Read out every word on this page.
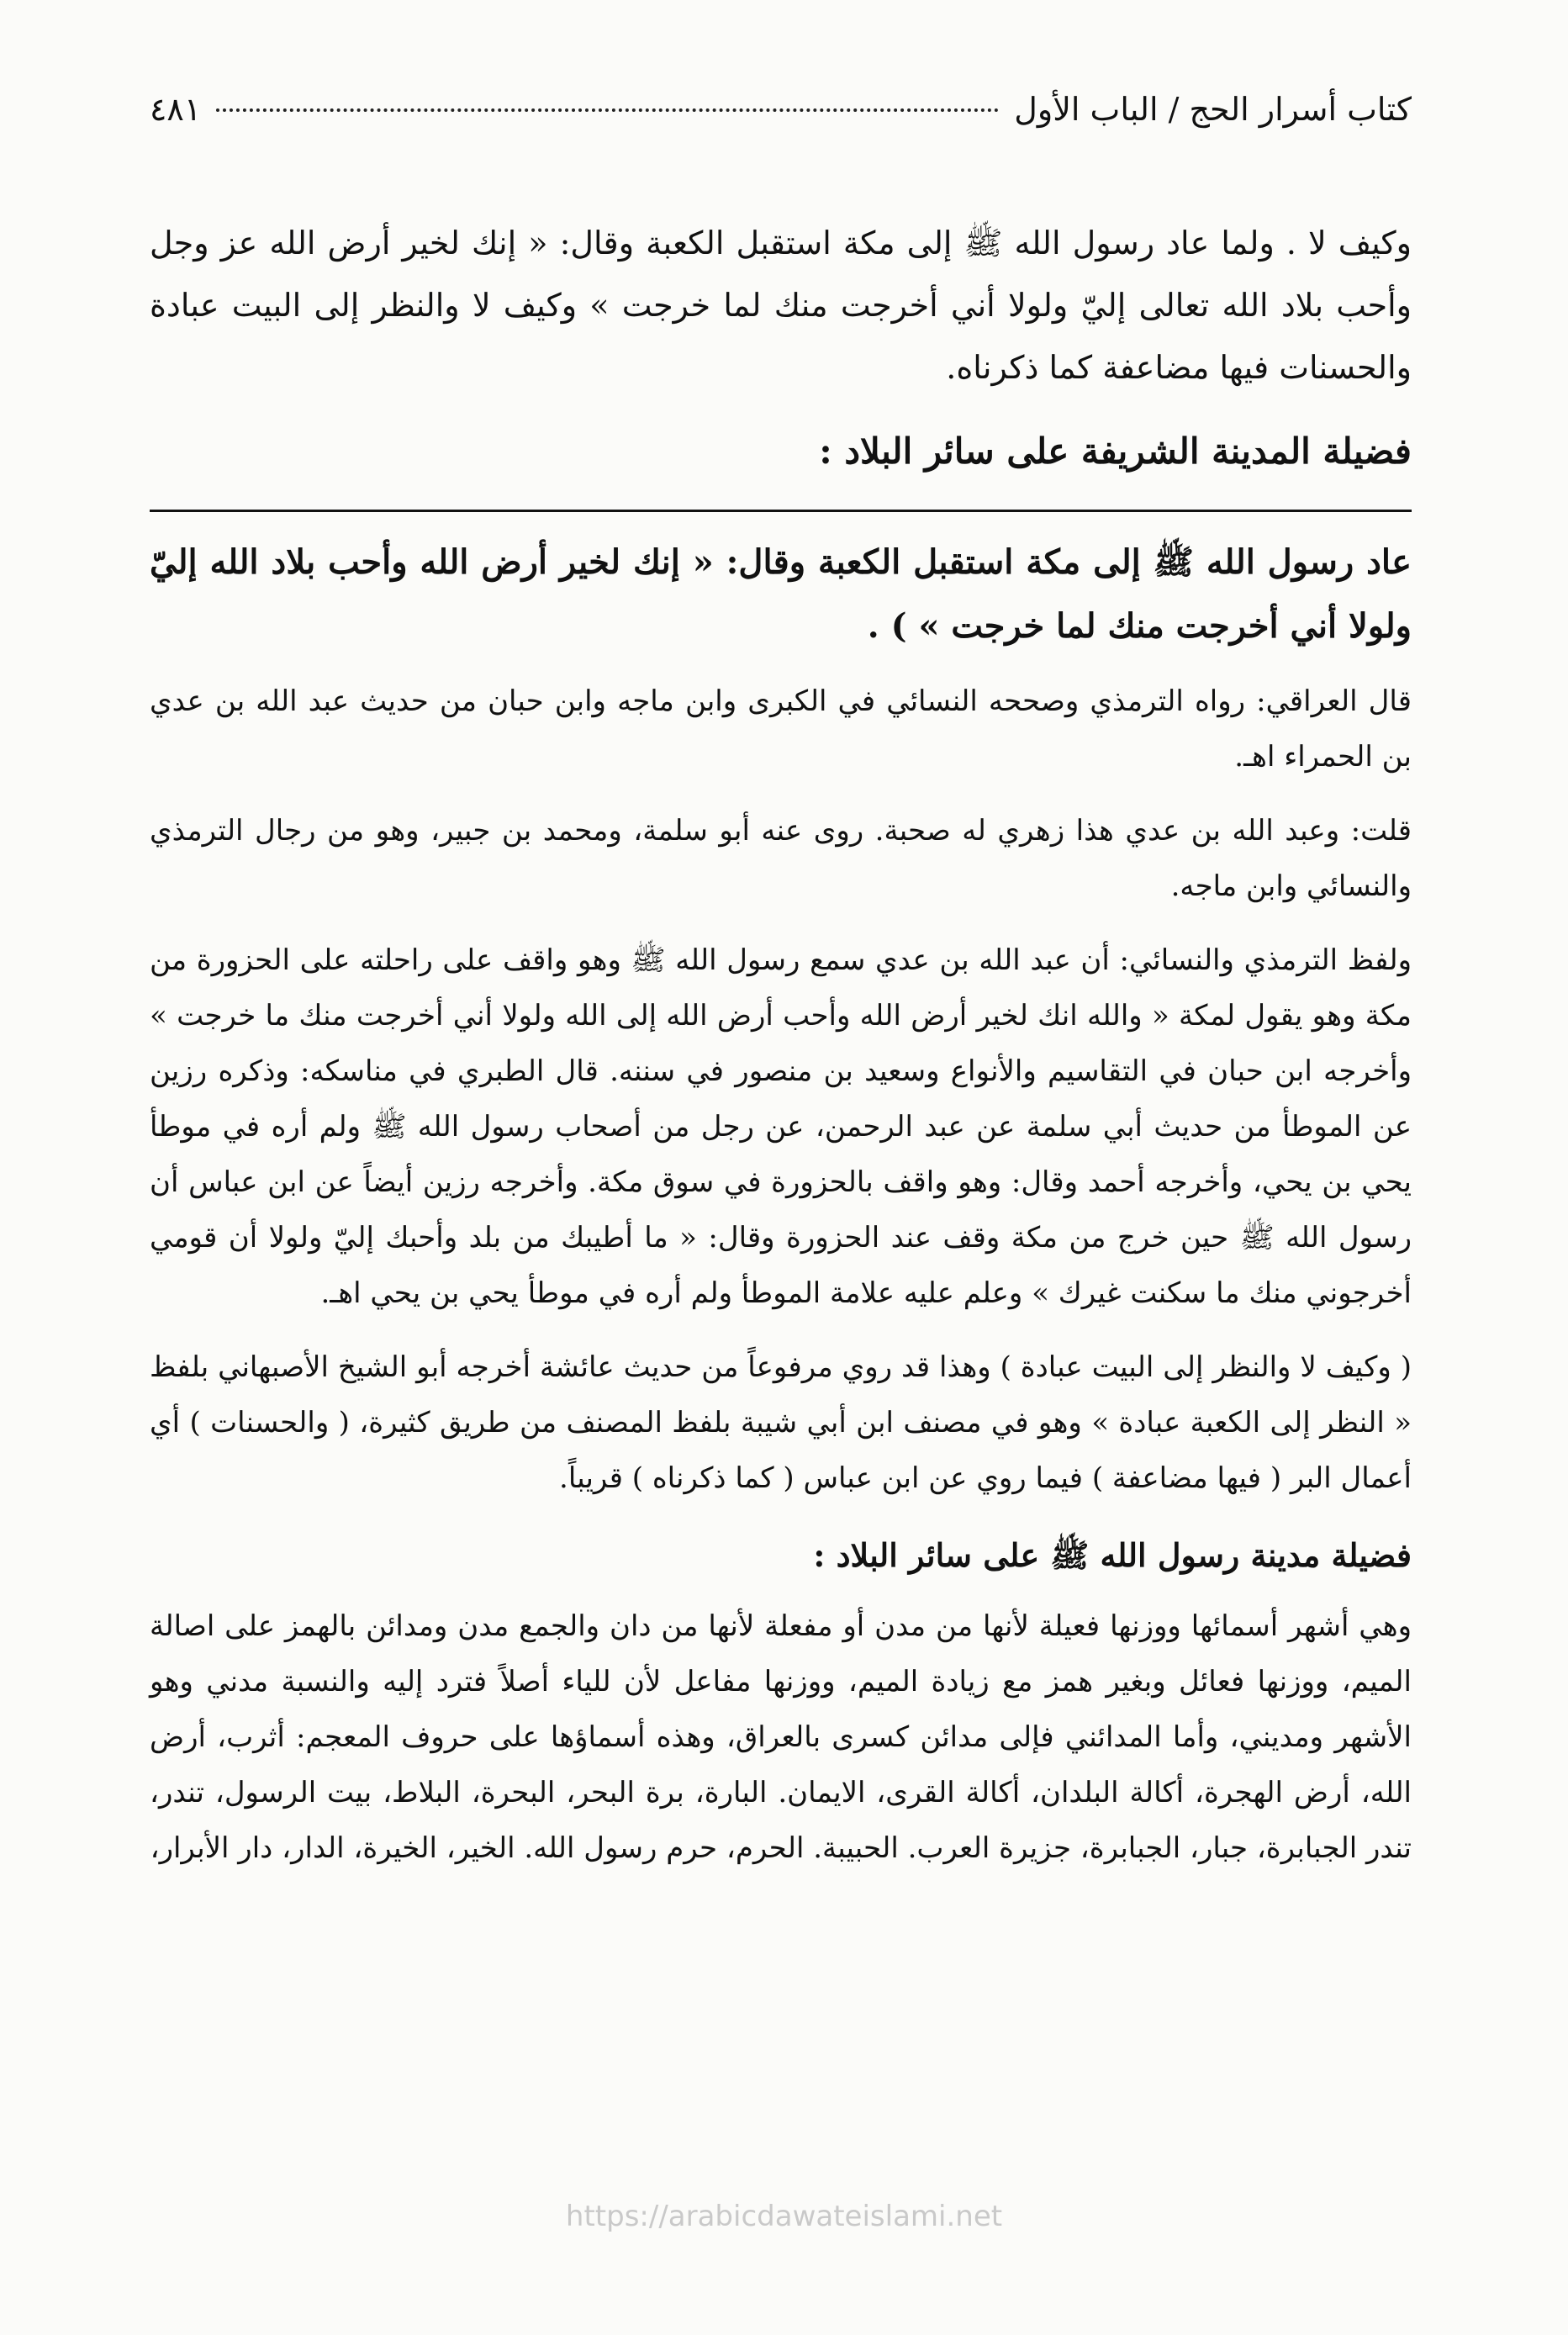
كتاب أسرار الحج / الباب الأول
٤٨١

وكيف لا . ولما عاد رسول الله ﷺ إلى مكة استقبل الكعبة وقال: « إنك لخير أرض الله عز وجل وأحب بلاد الله تعالى إليّ ولولا أني أخرجت منك لما خرجت » وكيف لا والنظر إلى البيت عبادة والحسنات فيها مضاعفة كما ذكرناه.

فضيلة المدينة الشريفة على سائر البلاد :

عاد رسول الله ﷺ إلى مكة استقبل الكعبة وقال: « إنك لخير أرض الله وأحب بلاد الله إليّ ولولا أني أخرجت منك لما خرجت » ) .

قال العراقي: رواه الترمذي وصححه النسائي في الكبرى وابن ماجه وابن حبان من حديث عبد الله بن عدي بن الحمراء اهـ.

قلت: وعبد الله بن عدي هذا زهري له صحبة. روى عنه أبو سلمة، ومحمد بن جبير، وهو من رجال الترمذي والنسائي وابن ماجه.

ولفظ الترمذي والنسائي: أن عبد الله بن عدي سمع رسول الله ﷺ وهو واقف على راحلته على الحزورة من مكة وهو يقول لمكة « والله انك لخير أرض الله وأحب أرض الله إلى الله ولولا أني أخرجت منك ما خرجت » وأخرجه ابن حبان في التقاسيم والأنواع وسعيد بن منصور في سننه. قال الطبري في مناسكه: وذكره رزين عن الموطأ من حديث أبي سلمة عن عبد الرحمن، عن رجل من أصحاب رسول الله ﷺ ولم أره في موطأ يحي بن يحي، وأخرجه أحمد وقال: وهو واقف بالحزورة في سوق مكة. وأخرجه رزين أيضاً عن ابن عباس أن رسول الله ﷺ حين خرج من مكة وقف عند الحزورة وقال: « ما أطيبك من بلد وأحبك إليّ ولولا أن قومي أخرجوني منك ما سكنت غيرك » وعلم عليه علامة الموطأ ولم أره في موطأ يحي بن يحي اهـ.

( وكيف لا والنظر إلى البيت عبادة ) وهذا قد روي مرفوعاً من حديث عائشة أخرجه أبو الشيخ الأصبهاني بلفظ « النظر إلى الكعبة عبادة » وهو في مصنف ابن أبي شيبة بلفظ المصنف من طريق كثيرة، ( والحسنات ) أي أعمال البر ( فيها مضاعفة ) فيما روي عن ابن عباس ( كما ذكرناه ) قريباً.

فضيلة مدينة رسول الله ﷺ على سائر البلاد :

وهي أشهر أسمائها ووزنها فعيلة لأنها من مدن أو مفعلة لأنها من دان والجمع مدن ومدائن بالهمز على اصالة الميم، ووزنها فعائل وبغير همز مع زيادة الميم، ووزنها مفاعل لأن للياء أصلاً فترد إليه والنسبة مدني وهو الأشهر ومديني، وأما المدائني فإلى مدائن كسرى بالعراق، وهذه أسماؤها على حروف المعجم: أثرب، أرض الله، أرض الهجرة، أكالة البلدان، أكالة القرى، الايمان. البارة، برة البحر، البحرة، البلاط، بيت الرسول، تندر، تندر الجبابرة، جبار، الجبابرة، جزيرة العرب. الحبيبة. الحرم، حرم رسول الله. الخير، الخيرة، الدار، دار الأبرار،

https://arabicdawateislami.net
